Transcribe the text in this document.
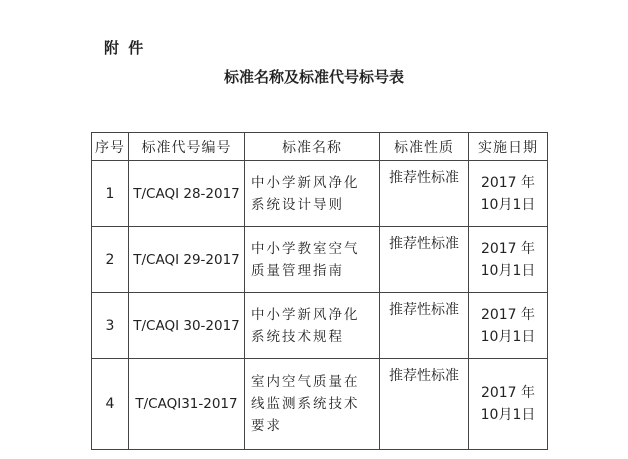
附 件
标准名称及标准代号标号表
序号	标准代号编号	标准名称	标准性质	实施日期
1	T/CAQI 28-2017	中小学新风净化系统设计导则	推荐性标准	2017 年
10月1日

2	T/CAQI 29-2017	中小学教室空气质量管理指南	推荐性标准	2017 年
10月1日

3	T/CAQI 30-2017	中小学新风净化系统技术规程	推荐性标准	2017 年
10月1日

4	T/CAQI31-2017	室内空气质量在线监测系统技术要求	推荐性标准	2017 年
10月1日
